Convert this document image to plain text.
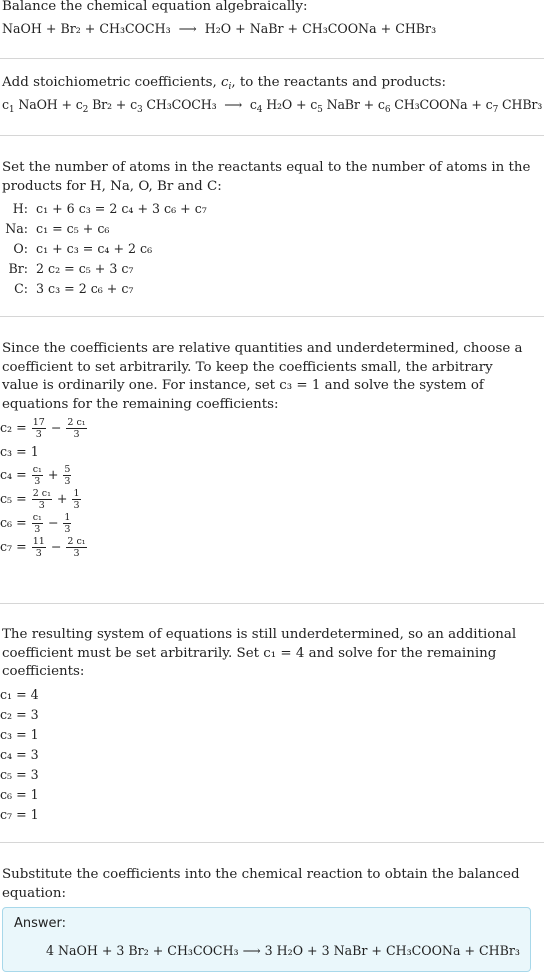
Balance the chemical equation algebraically:
NaOH + Br₂ + CH₃COCH₃ ⟶ H₂O + NaBr + CH₃COONa + CHBr₃
Add stoichiometric coefficients, $c_i$, to the reactants and products:
$c_1$ NaOH + $c_2$ $Br_2 + c_3$ CH₃COCH₃ ⟶ $c_4$ $H_2O + c_5$ NaBr + $c_6$ CH₃COONa + $c_7$ CHBr₃
Set the number of atoms in the reactants equal to the number of atoms in the products for H, Na, O, Br and C:
H: c₁ + 6 c₃ = 2 c₄ + 3 c₆ + c₇
Na: c₁ = c₅ + c₆
O: c₁ + c₃ = c₄ + 2 c₆
Br: 2 c₂ = c₅ + 3 c₇
C: 3 c₃ = 2 c₆ + c₇
Since the coefficients are relative quantities and underdetermined, choose a coefficient to set arbitrarily. To keep the coefficients small, the arbitrary value is ordinarily one. For instance, set c₃ = 1 and solve the system of equations for the remaining coefficients:
$c_2 = \frac{17}{3} - \frac{\text{2 c₁}}{3}$
c₃ = 1
$c_4 = \frac{\text{c₁}}{3} + \frac{5}{3}$
$c_5 = \frac{\text{2 c₁}}{3} + \frac{1}{3}$
$c_6 = \frac{\text{c₁}}{3} - \frac{1}{3}$
$c_7 = \frac{11}{3} - \frac{\text{2 c₁}}{3}$
The resulting system of equations is still underdetermined, so an additional coefficient must be set arbitrarily. Set c₁ = 4 and solve for the remaining coefficients:
c₁ = 4
c₂ = 3
c₃ = 1
c₄ = 3
c₅ = 3
c₆ = 1
c₇ = 1
Substitute the coefficients into the chemical reaction to obtain the balanced equation:
Answer:
4 NaOH + 3 Br₂ + CH₃COCH₃ ⟶ 3 H₂O + 3 NaBr + CH₃COONa + CHBr₃
